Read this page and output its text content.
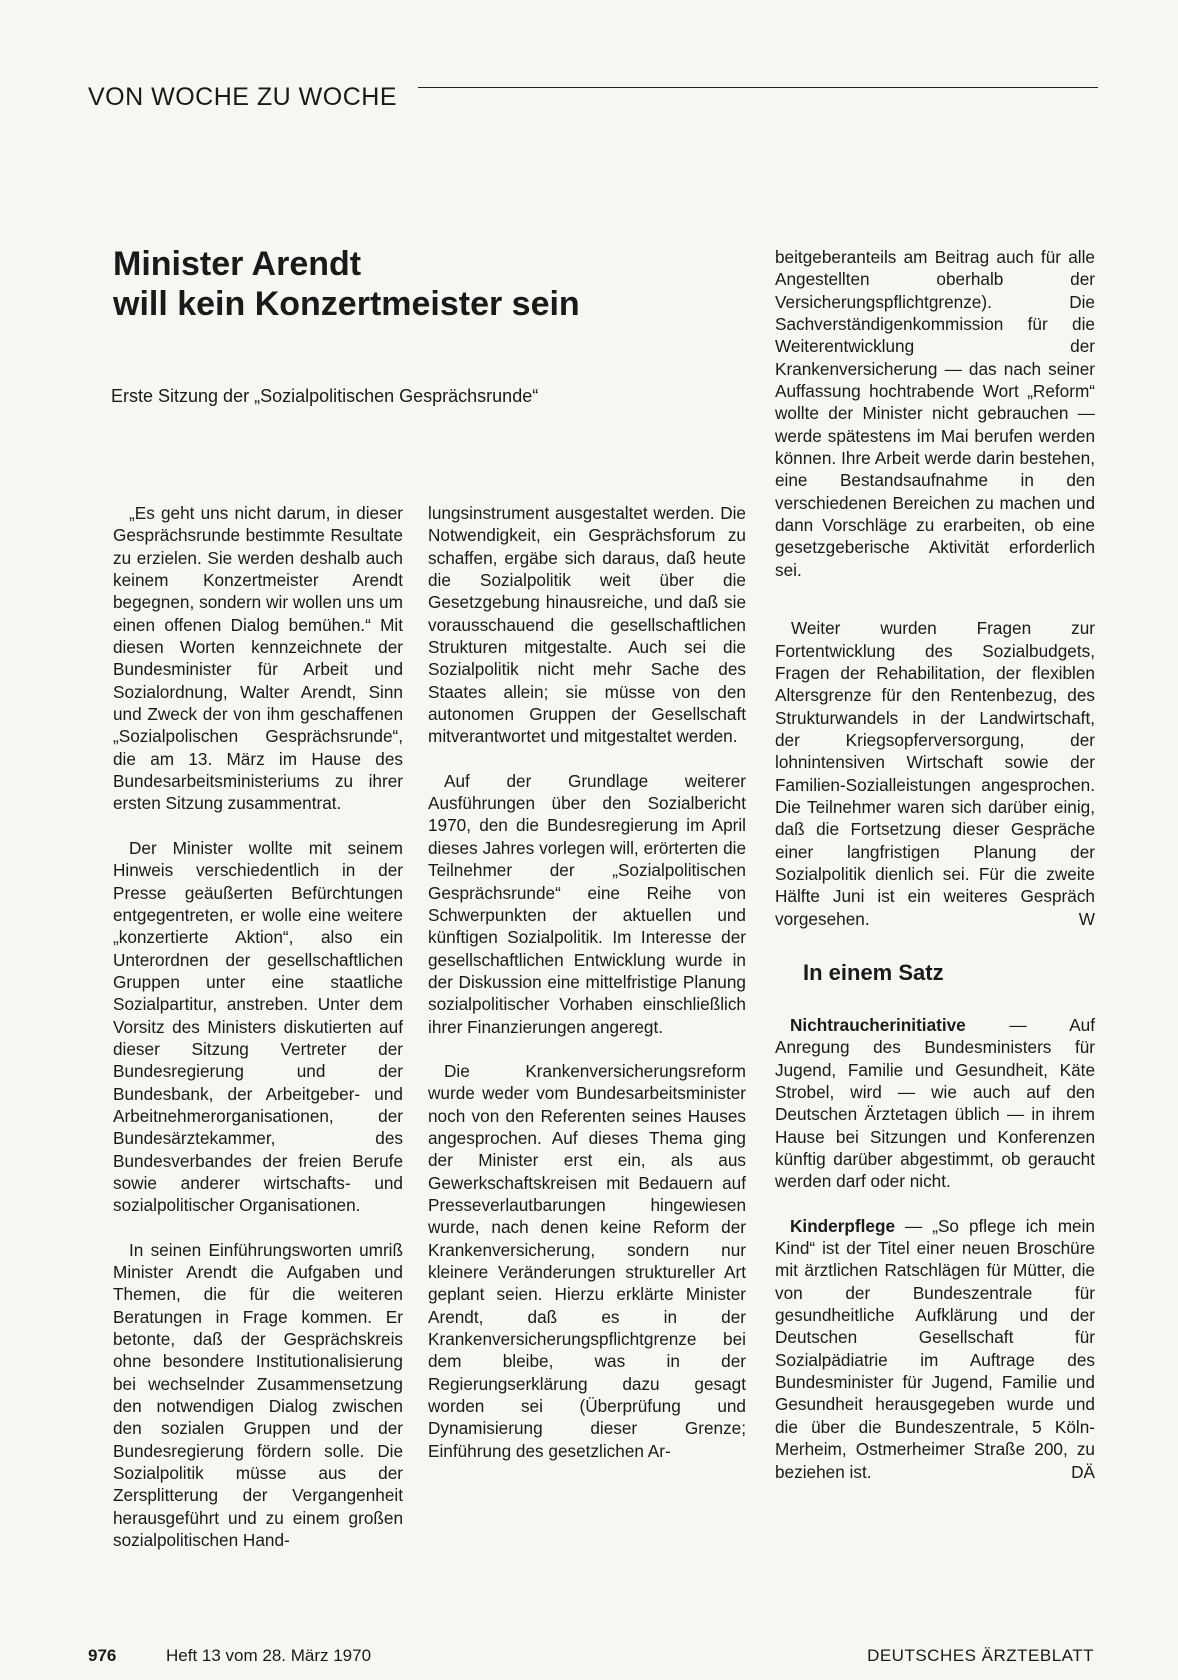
VON WOCHE ZU WOCHE
Minister Arendt
will kein Konzertmeister sein
Erste Sitzung der „Sozialpolitischen Gesprächsrunde“

„Es geht uns nicht darum, in dieser Gesprächsrunde bestimmte Resultate zu erzielen. Sie werden deshalb auch keinem Konzertmeister Arendt begegnen, sondern wir wollen uns um einen offenen Dialog bemühen.“ Mit diesen Worten kennzeichnete der Bundesminister für Arbeit und Sozialordnung, Walter Arendt, Sinn und Zweck der von ihm geschaffenen „Sozialpolischen Gesprächsrunde“, die am 13. März im Hause des Bundesarbeitsministeriums zu ihrer ersten Sitzung zusammentrat.

Der Minister wollte mit seinem Hinweis verschiedentlich in der Presse geäußerten Befürchtungen entgegentreten, er wolle eine weitere „konzertierte Aktion“, also ein Unterordnen der gesellschaftlichen Gruppen unter eine staatliche Sozialpartitur, anstreben. Unter dem Vorsitz des Ministers diskutierten auf dieser Sitzung Vertreter der Bundesregierung und der Bundesbank, der Arbeitgeber- und Arbeitnehmerorganisationen, der Bundesärztekammer, des Bundesverbandes der freien Berufe sowie anderer wirtschafts- und sozialpolitischer Organisationen.

In seinen Einführungsworten umriß Minister Arendt die Aufgaben und Themen, die für die weiteren Beratungen in Frage kommen. Er betonte, daß der Gesprächskreis ohne besondere Institutionalisierung bei wechselnder Zusammensetzung den notwendigen Dialog zwischen den sozialen Gruppen und der Bundesregierung fördern solle. Die Sozialpolitik müsse aus der Zersplitterung der Vergangenheit herausgeführt und zu einem großen sozialpolitischen Hand-

lungsinstrument ausgestaltet werden. Die Notwendigkeit, ein Gesprächsforum zu schaffen, ergäbe sich daraus, daß heute die Sozialpolitik weit über die Gesetzgebung hinausreiche, und daß sie vorausschauend die gesellschaftlichen Strukturen mitgestalte. Auch sei die Sozialpolitik nicht mehr Sache des Staates allein; sie müsse von den autonomen Gruppen der Gesellschaft mitverantwortet und mitgestaltet werden.

Auf der Grundlage weiterer Ausführungen über den Sozialbericht 1970, den die Bundesregierung im April dieses Jahres vorlegen will, erörterten die Teilnehmer der „Sozialpolitischen Gesprächsrunde“ eine Reihe von Schwerpunkten der aktuellen und künftigen Sozialpolitik. Im Interesse der gesellschaftlichen Entwicklung wurde in der Diskussion eine mittelfristige Planung sozialpolitischer Vorhaben einschließlich ihrer Finanzierungen angeregt.

Die Krankenversicherungsreform wurde weder vom Bundesarbeitsminister noch von den Referenten seines Hauses angesprochen. Auf dieses Thema ging der Minister erst ein, als aus Gewerkschaftskreisen mit Bedauern auf Presseverlautbarungen hingewiesen wurde, nach denen keine Reform der Krankenversicherung, sondern nur kleinere Veränderungen struktureller Art geplant seien. Hierzu erklärte Minister Arendt, daß es in der Krankenversicherungspflichtgrenze bei dem bleibe, was in der Regierungserklärung dazu gesagt worden sei (Überprüfung und Dynamisierung dieser Grenze; Einführung des gesetzlichen Ar-

beitgeberanteils am Beitrag auch für alle Angestellten oberhalb der Versicherungspflichtgrenze). Die Sachverständigenkommission für die Weiterentwicklung der Krankenversicherung — das nach seiner Auffassung hochtrabende Wort „Reform“ wollte der Minister nicht gebrauchen — werde spätestens im Mai berufen werden können. Ihre Arbeit werde darin bestehen, eine Bestandsaufnahme in den verschiedenen Bereichen zu machen und dann Vorschläge zu erarbeiten, ob eine gesetzgeberische Aktivität erforderlich sei.

Weiter wurden Fragen zur Fortentwicklung des Sozialbudgets, Fragen der Rehabilitation, der flexiblen Altersgrenze für den Rentenbezug, des Strukturwandels in der Landwirtschaft, der Kriegsopferversorgung, der lohnintensiven Wirtschaft sowie der Familien-Sozialleistungen angesprochen. Die Teilnehmer waren sich darüber einig, daß die Fortsetzung dieser Gespräche einer langfristigen Planung der Sozialpolitik dienlich sei. Für die zweite Hälfte Juni ist ein weiteres Gespräch vorgesehen.	W

In einem Satz

Nichtraucherinitiative — Auf Anregung des Bundesministers für Jugend, Familie und Gesundheit, Käte Strobel, wird — wie auch auf den Deutschen Ärztetagen üblich — in ihrem Hause bei Sitzungen und Konferenzen künftig darüber abgestimmt, ob geraucht werden darf oder nicht.

Kinderpflege — „So pflege ich mein Kind“ ist der Titel einer neuen Broschüre mit ärztlichen Ratschlägen für Mütter, die von der Bundeszentrale für gesundheitliche Aufklärung und der Deutschen Gesellschaft für Sozialpädiatrie im Auftrage des Bundesminister für Jugend, Familie und Gesundheit herausgegeben wurde und die über die Bundeszentrale, 5 Köln-Merheim, Ostmerheimer Straße 200, zu beziehen ist.	DÄ

976	Heft 13 vom 28. März 1970	DEUTSCHES ÄRZTEBLATT
